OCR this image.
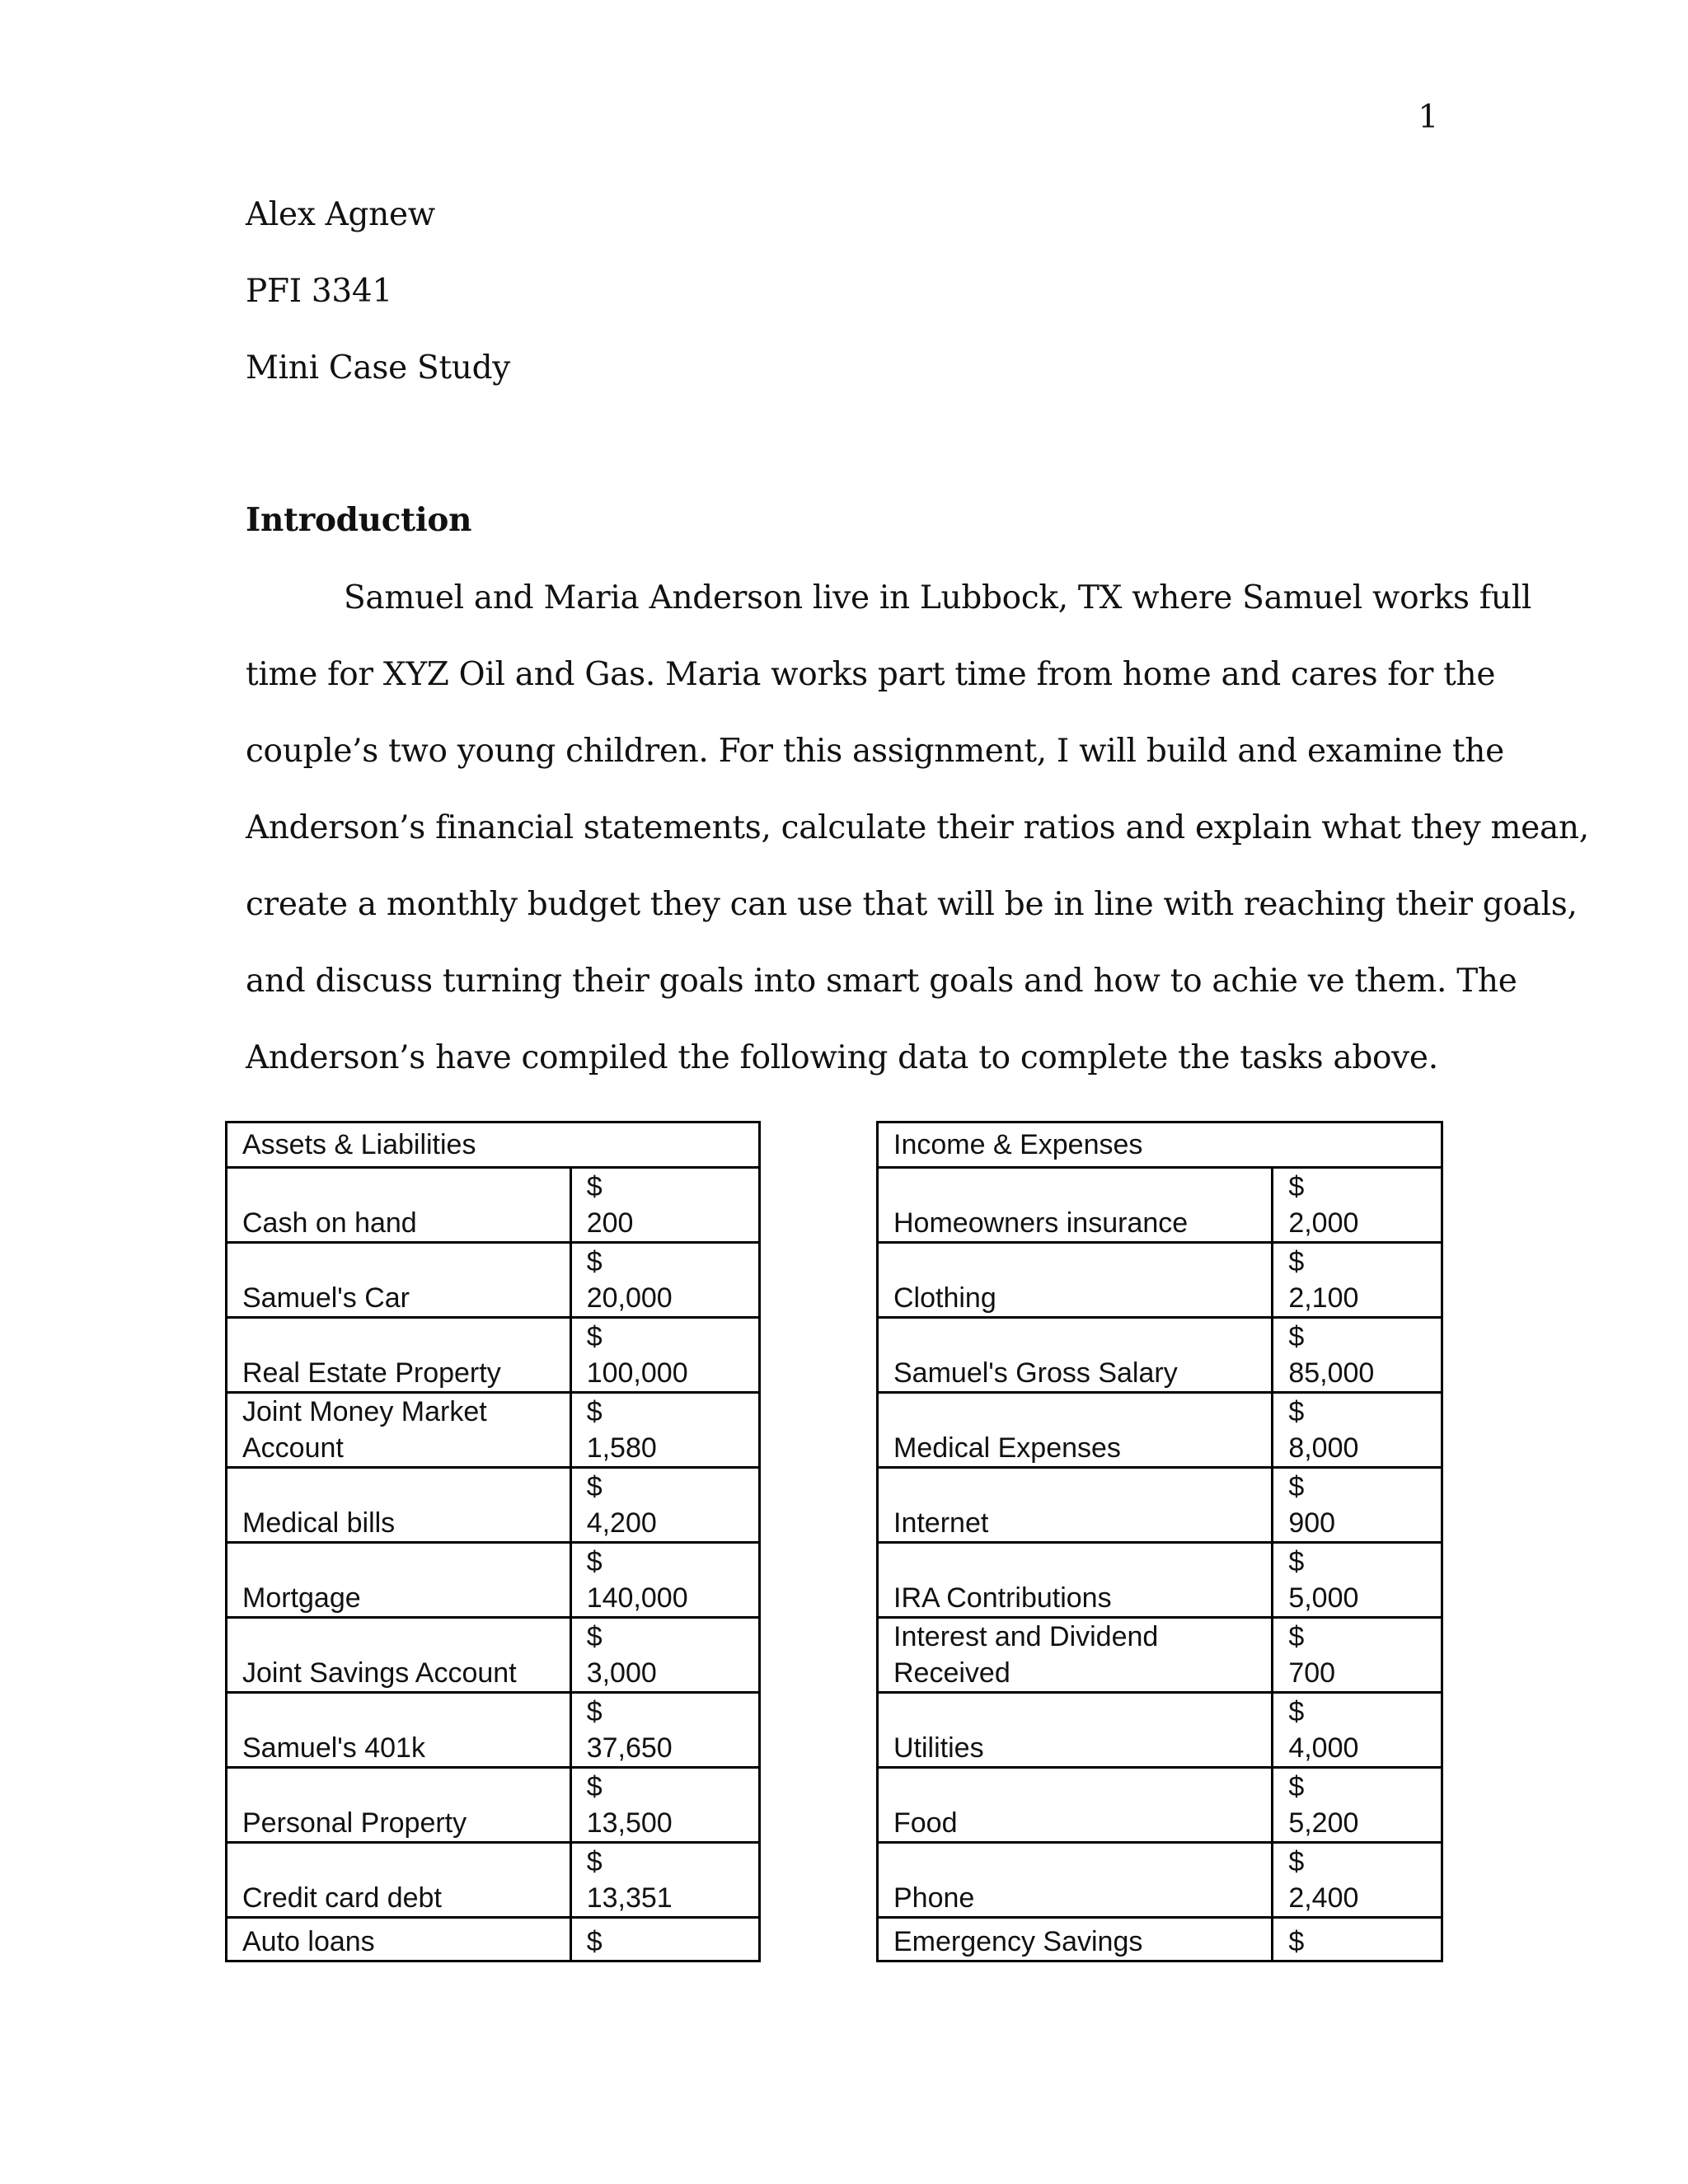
1
Alex Agnew
PFI 3341
Mini Case Study
Introduction
Samuel and Maria Anderson live in Lubbock, TX where Samuel works full
time for XYZ Oil and Gas. Maria works part time from home and cares for the
couple’s two young children. For this assignment, I will build and examine the
Anderson’s financial statements, calculate their ratios and explain what they mean,
create a monthly budget they can use that will be in line with reaching their goals,
and discuss turning their goals into smart goals and how to achie ve them. The
Anderson’s have compiled the following data to complete the tasks above.
Assets & Liabilities	

Cash on hand	$
200

Samuel's Car	$
20,000

Real Estate Property	$
100,000

Joint Money Market
Account	$
1,580

Medical bills	$
4,200

Mortgage	$
140,000

Joint Savings Account	$
3,000

Samuel's 401k	$
37,650

Personal Property	$
13,500

Credit card debt	$
13,351

Auto loans	$
Income & Expenses	

Homeowners insurance	$
2,000

Clothing	$
2,100

Samuel's Gross Salary	$
85,000

Medical Expenses	$
8,000

Internet	$
900

IRA Contributions	$
5,000

Interest and Dividend
Received	$
700

Utilities	$
4,000

Food	$
5,200

Phone	$
2,400

Emergency Savings	$
